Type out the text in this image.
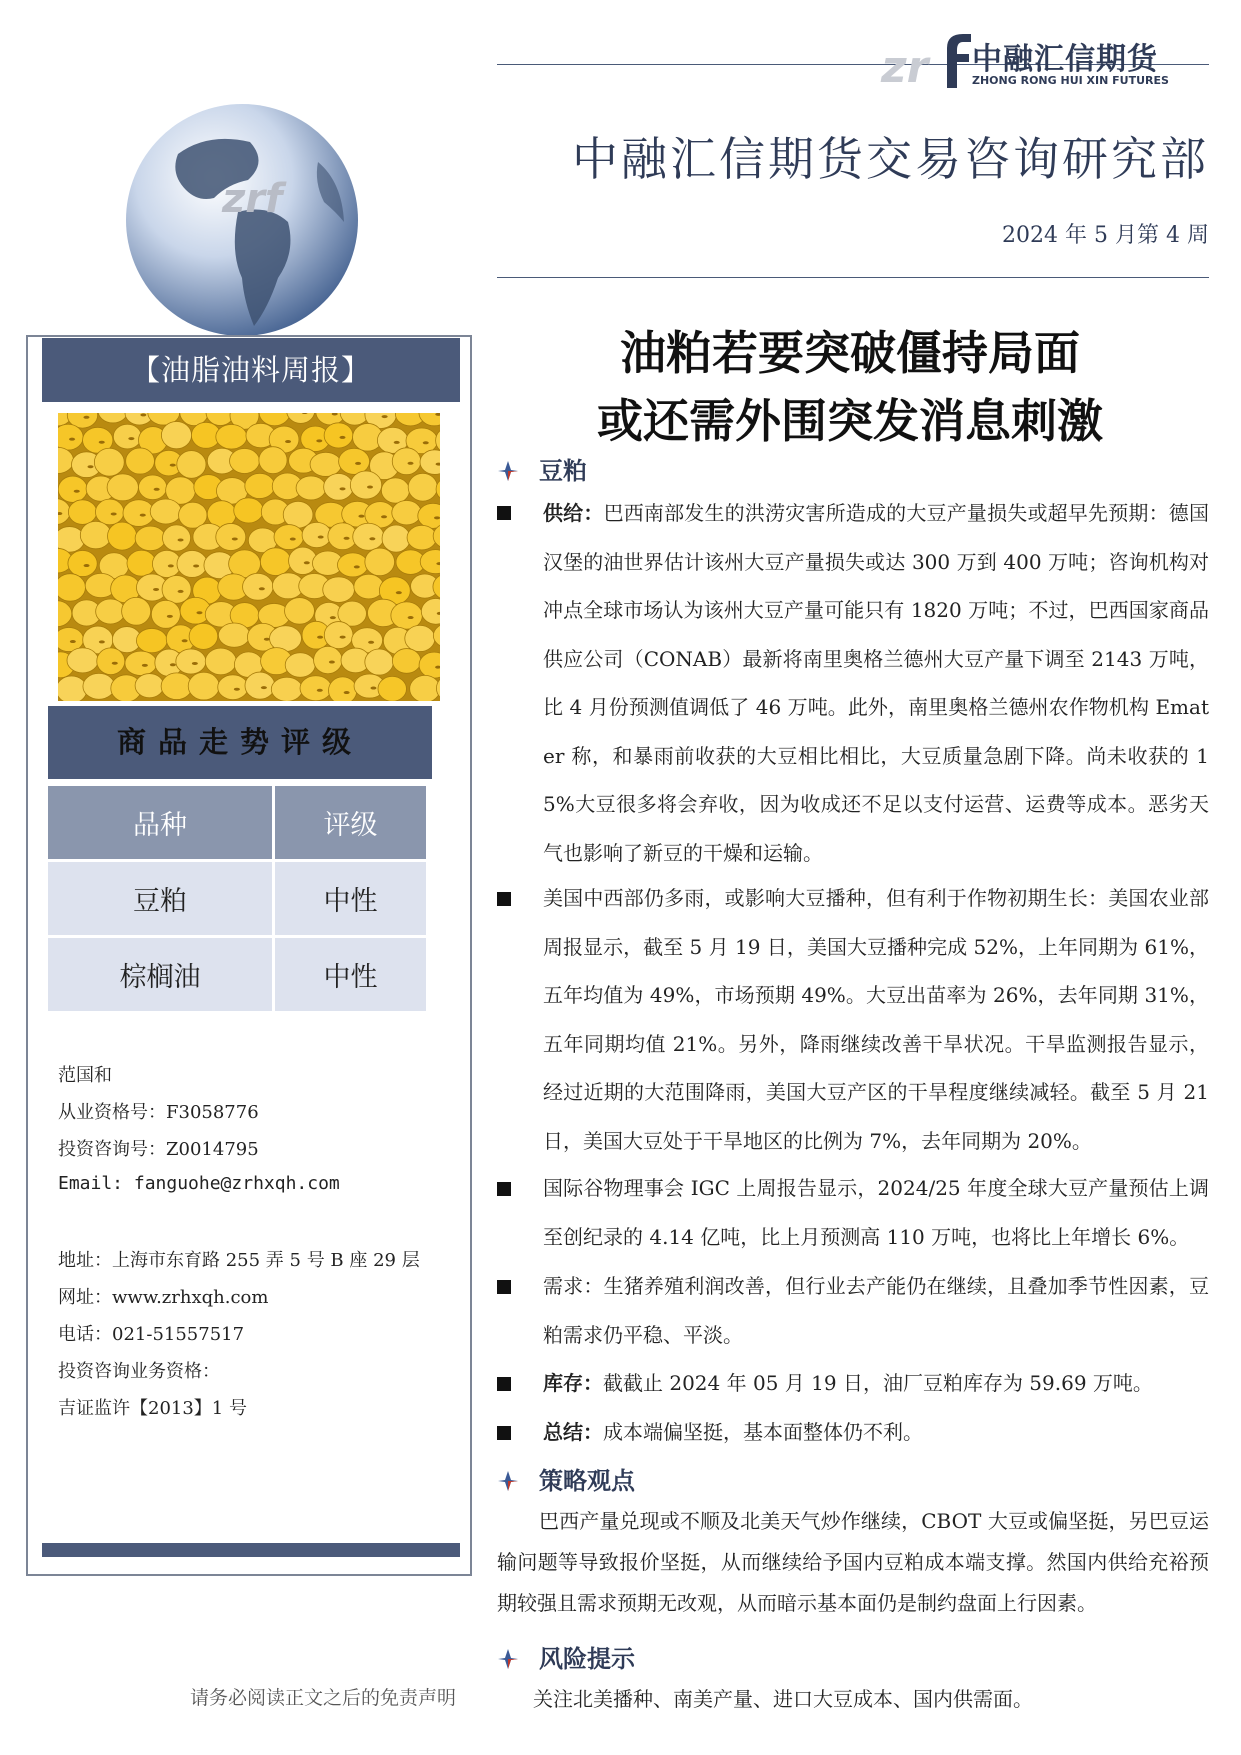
zr 中融汇信期货
ZHONG RONG HUI XIN FUTURES
中融汇信期货交易咨询研究部
2024 年 5 月第 4 周
zrf
【油脂油料周报】
商品走势评级
品种	评级
豆粕	中性
棕榈油	中性
范国和
从业资格号：F3058776
投资咨询号：Z0014795
Email: fanguohe@zrhxqh.com
地址：上海市东育路 255 弄 5 号 B 座 29 层
网址：www.zrhxqh.com
电话：021-51557517
投资咨询业务资格：
吉证监许【2013】1 号
请务必阅读正文之后的免责声明
油粕若要突破僵持局面
或还需外围突发消息刺激
豆粕
供给：巴西南部发生的洪涝灾害所造成的大豆产量损失或超早先预期：德国汉堡的油世界估计该州大豆产量损失或达 300 万到 400 万吨；咨询机构对冲点全球市场认为该州大豆产量可能只有 1820 万吨；不过，巴西国家商品供应公司（CONAB）最新将南里奥格兰德州大豆产量下调至 2143 万吨，比 4 月份预测值调低了 46 万吨。此外，南里奥格兰德州农作物机构 Emater 称，和暴雨前收获的大豆相比相比，大豆质量急剧下降。尚未收获的 15%大豆很多将会弃收，因为收成还不足以支付运营、运费等成本。恶劣天气也影响了新豆的干燥和运输。
美国中西部仍多雨，或影响大豆播种，但有利于作物初期生长：美国农业部周报显示，截至 5 月 19 日，美国大豆播种完成 52%，上年同期为 61%，五年均值为 49%，市场预期 49%。大豆出苗率为 26%，去年同期 31%，五年同期均值 21%。另外，降雨继续改善干旱状况。干旱监测报告显示，经过近期的大范围降雨，美国大豆产区的干旱程度继续减轻。截至 5 月 21 日，美国大豆处于干旱地区的比例为 7%，去年同期为 20%。
国际谷物理事会 IGC 上周报告显示，2024/25 年度全球大豆产量预估上调至创纪录的 4.14 亿吨，比上月预测高 110 万吨，也将比上年增长 6%。
需求：生猪养殖利润改善，但行业去产能仍在继续，且叠加季节性因素，豆粕需求仍平稳、平淡。
库存：截截止 2024 年 05 月 19 日，油厂豆粕库存为 59.69 万吨。
总结：成本端偏坚挺，基本面整体仍不利。
策略观点
巴西产量兑现或不顺及北美天气炒作继续，CBOT 大豆或偏坚挺，另巴豆运输问题等导致报价坚挺，从而继续给予国内豆粕成本端支撑。然国内供给充裕预期较强且需求预期无改观，从而暗示基本面仍是制约盘面上行因素。
风险提示
关注北美播种、南美产量、进口大豆成本、国内供需面。
